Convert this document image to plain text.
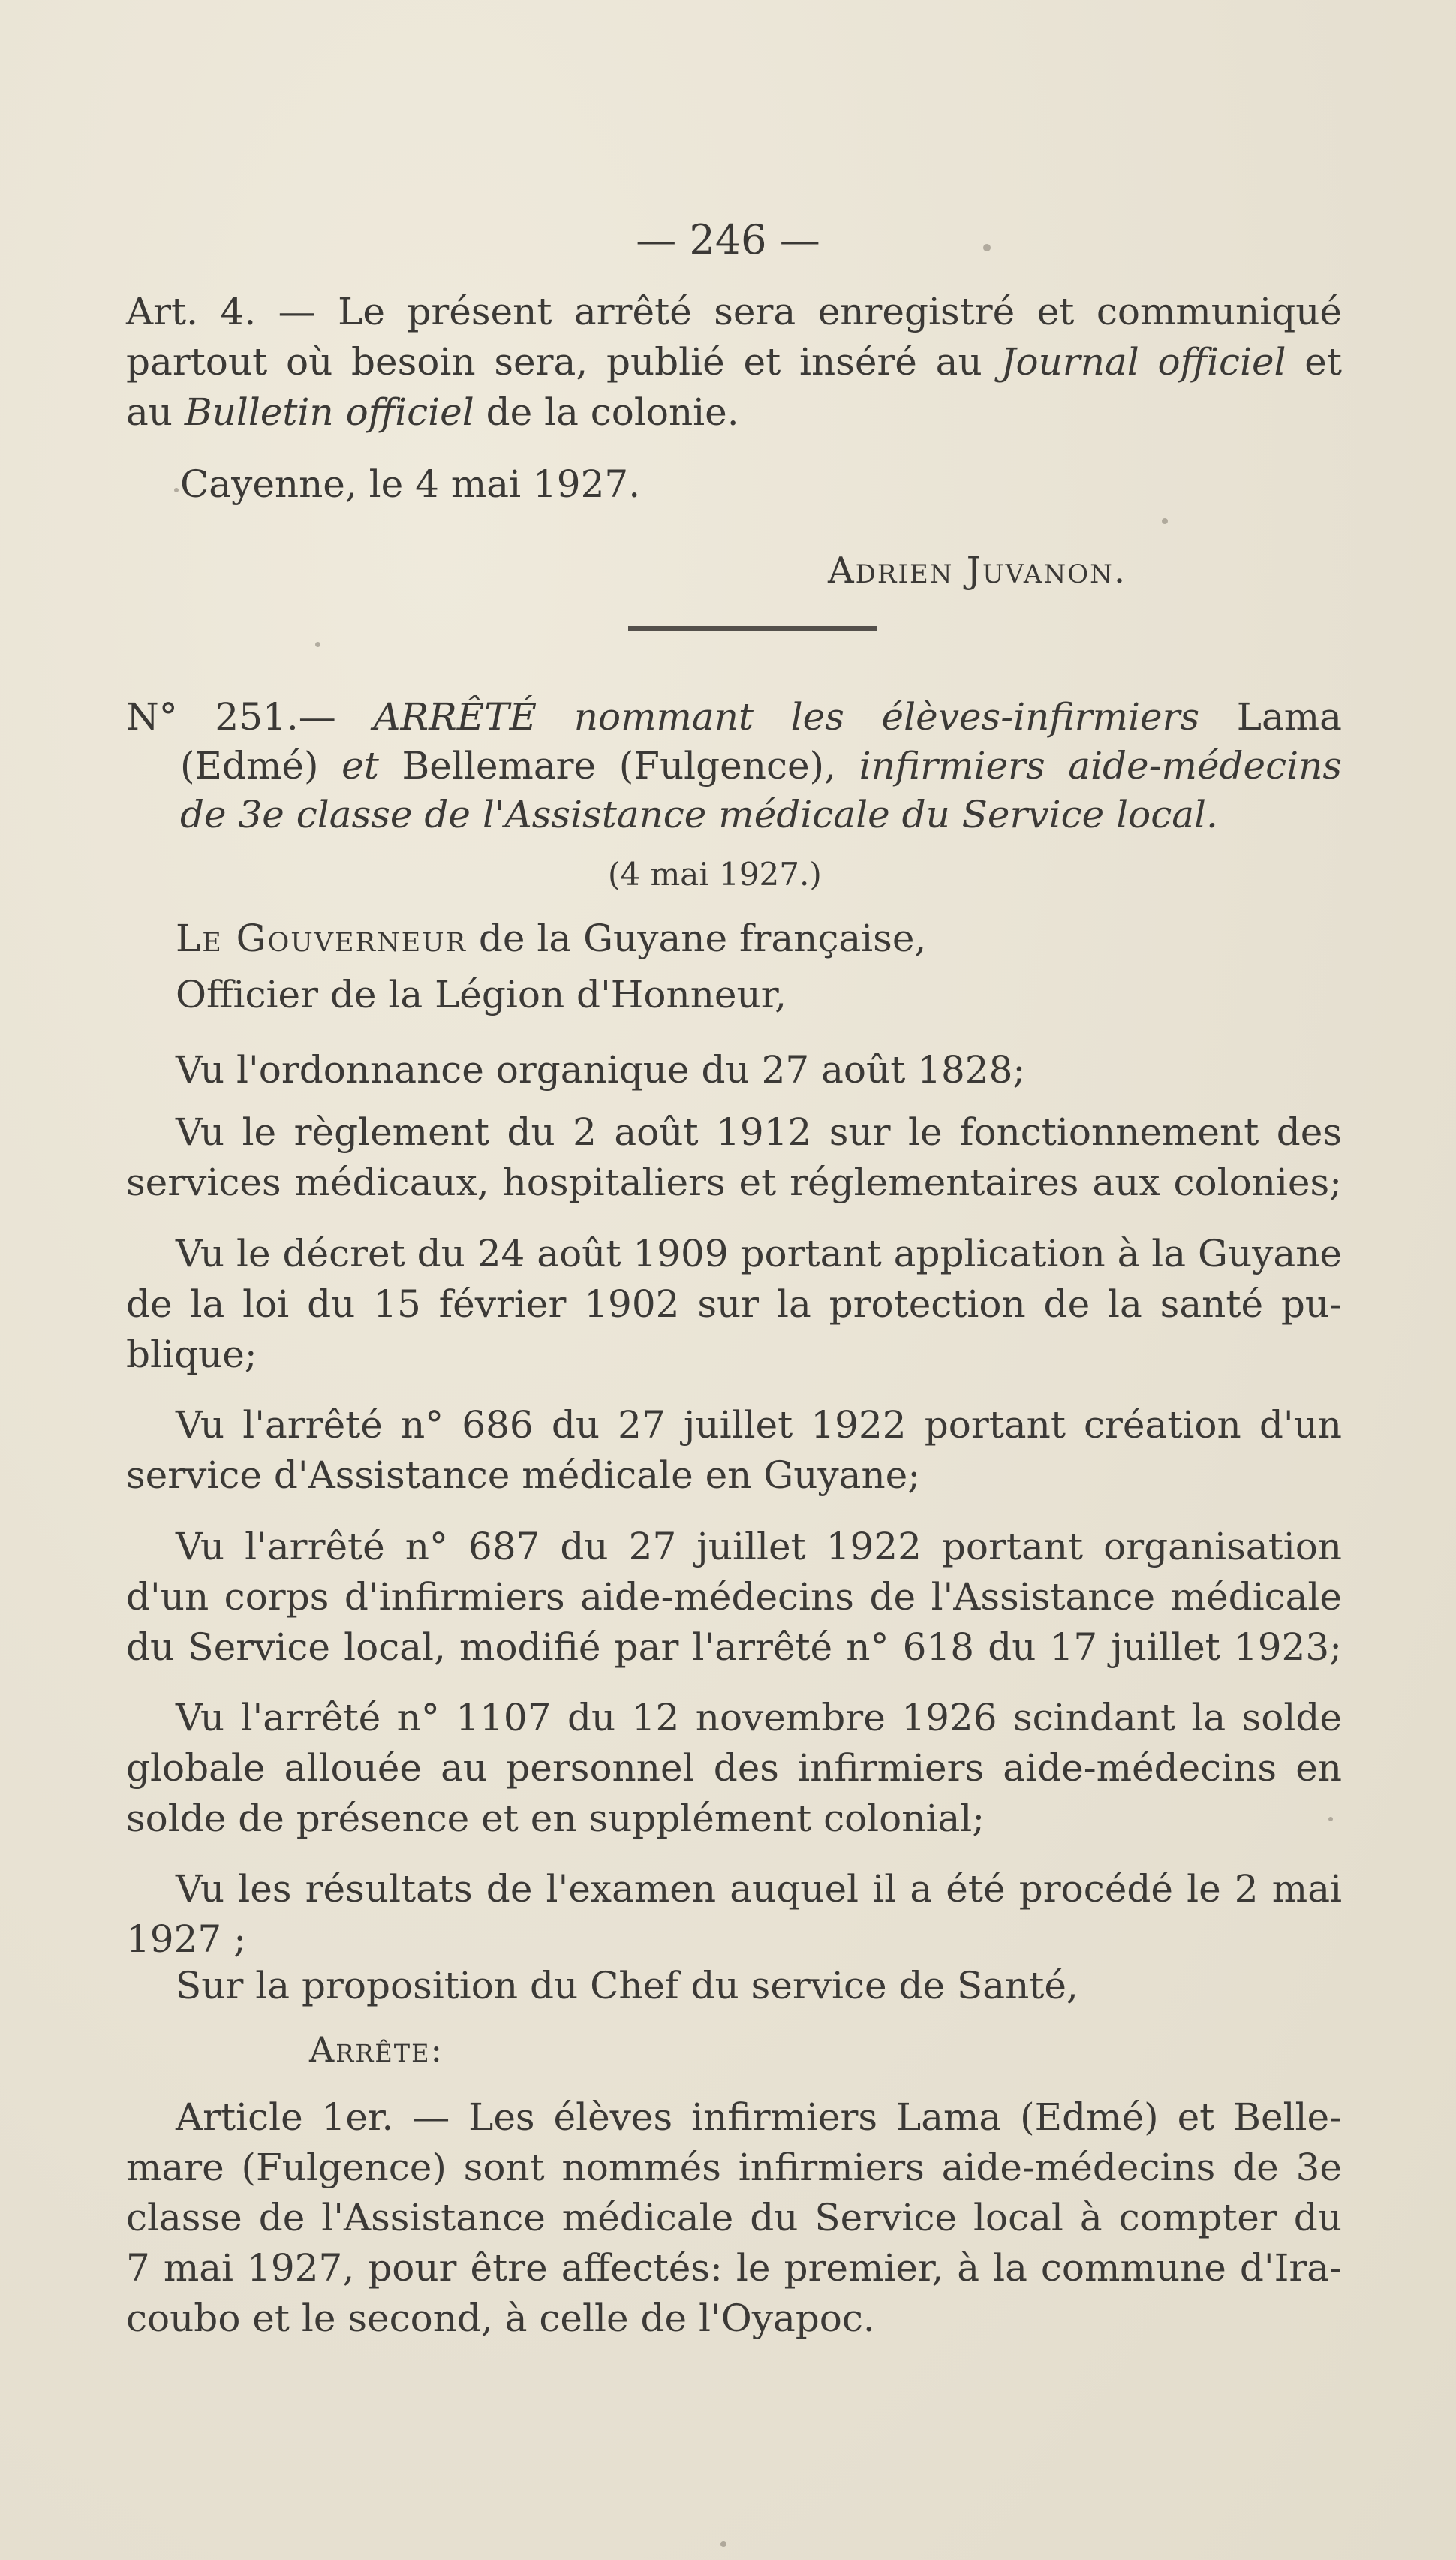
— 246 —
Art. 4. — Le présent arrêté sera enregistré et communiqué
partout où besoin sera, publié et inséré au Journal officiel et
au Bulletin officiel de la colonie.
Cayenne, le 4 mai 1927.
Adrien Juvanon.
N° 251.— ARRÊTÉ nommant les élèves-infirmiers Lama
(Edmé) et Bellemare (Fulgence), infirmiers aide-médecins
de 3e classe de l'Assistance médicale du Service local.
(4 mai 1927.)
Le Gouverneur de la Guyane française,
Officier de la Légion d'Honneur,
Vu l'ordonnance organique du 27 août 1828;
Vu le règlement du 2 août 1912 sur le fonctionnement des
services médicaux, hospitaliers et réglementaires aux colonies;
Vu le décret du 24 août 1909 portant application à la Guyane
de la loi du 15 février 1902 sur la protection de la santé pu-
blique;
Vu l'arrêté n° 686 du 27 juillet 1922 portant création d'un
service d'Assistance médicale en Guyane;
Vu l'arrêté n° 687 du 27 juillet 1922 portant organisation
d'un corps d'infirmiers aide-médecins de l'Assistance médicale
du Service local, modifié par l'arrêté n° 618 du 17 juillet 1923;
Vu l'arrêté n° 1107 du 12 novembre 1926 scindant la solde
globale allouée au personnel des infirmiers aide-médecins en
solde de présence et en supplément colonial;
Vu les résultats de l'examen auquel il a été procédé le 2 mai
1927 ;
Sur la proposition du Chef du service de Santé,
Arrête:
Article 1er. — Les élèves infirmiers Lama (Edmé) et Belle-
mare (Fulgence) sont nommés infirmiers aide-médecins de 3e
classe de l'Assistance médicale du Service local à compter du
7 mai 1927, pour être affectés: le premier, à la commune d'Ira-
coubo et le second, à celle de l'Oyapoc.
